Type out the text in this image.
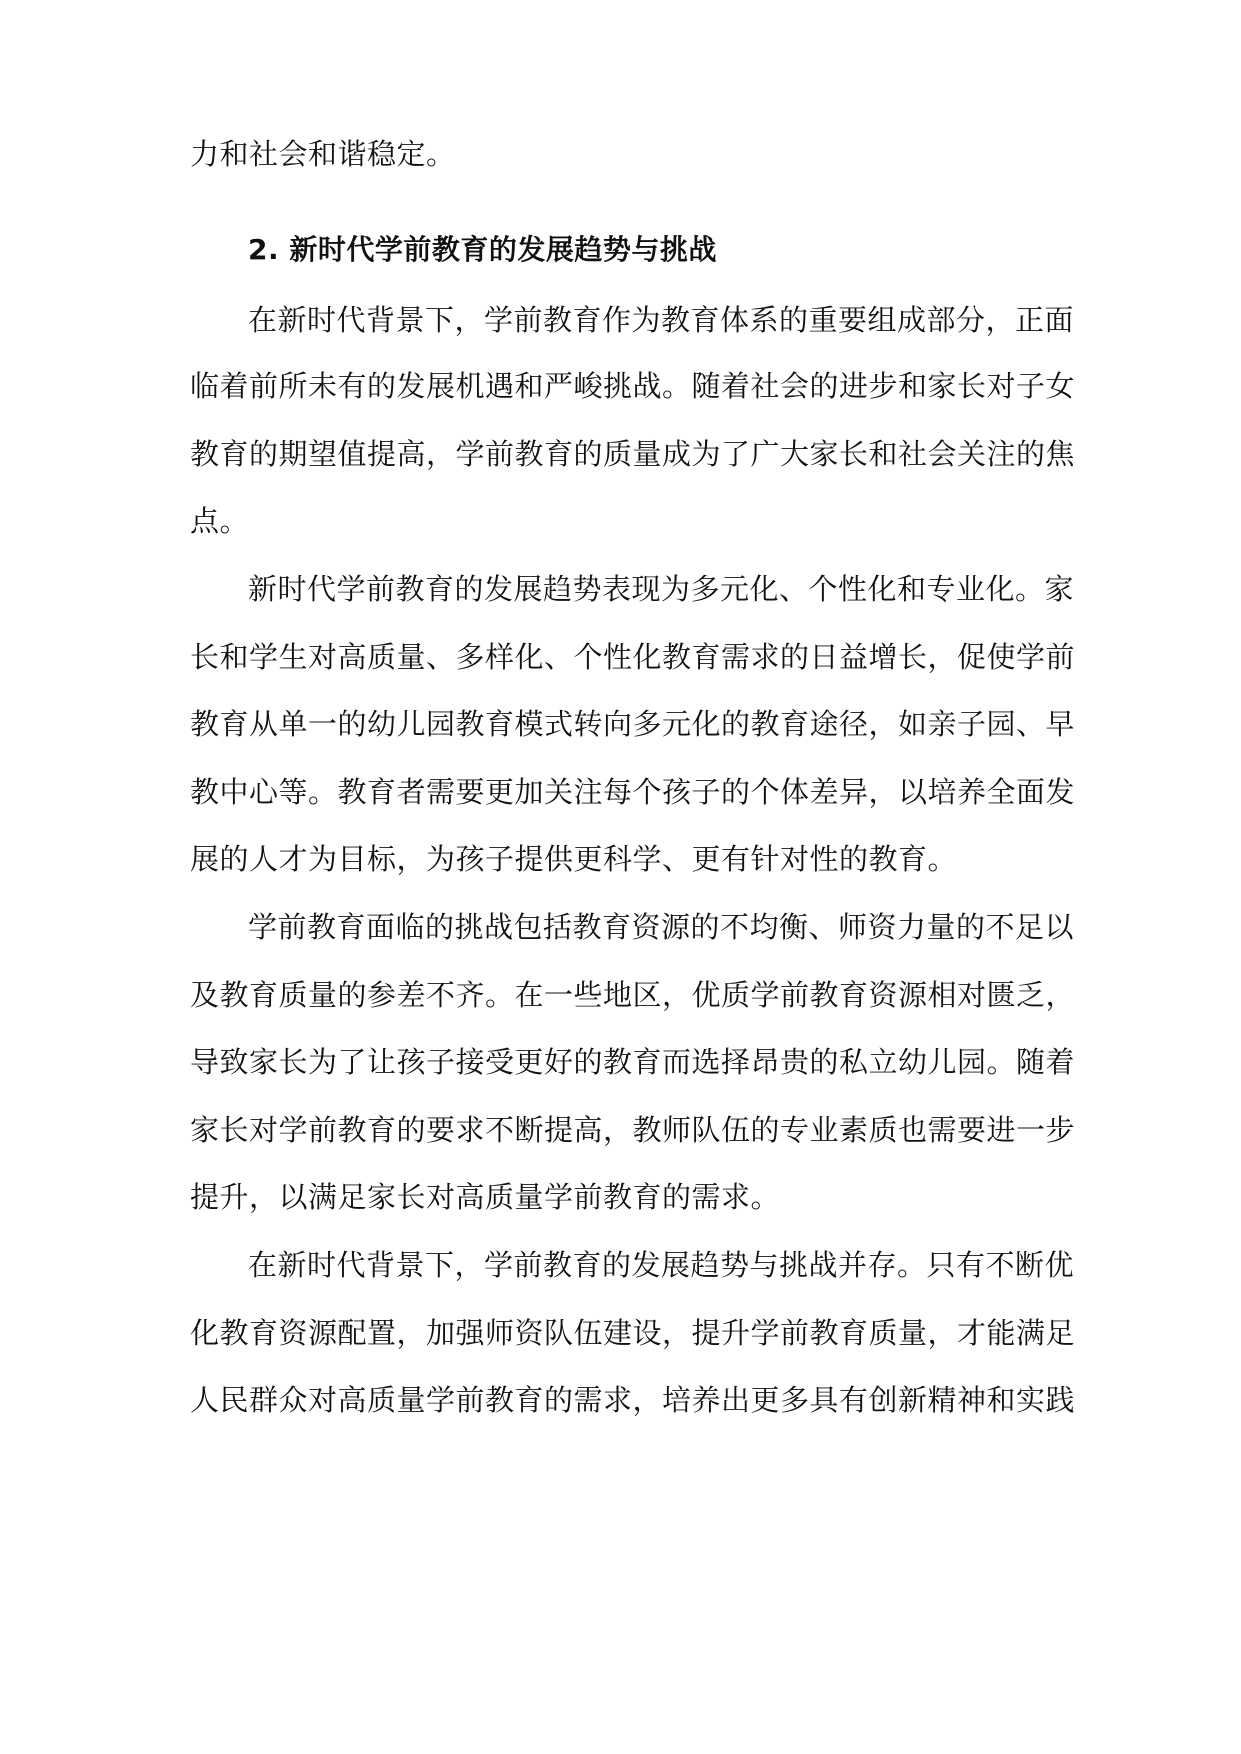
力和社会和谐稳定。
2. 新时代学前教育的发展趋势与挑战
在新时代背景下，学前教育作为教育体系的重要组成部分，正面
临着前所未有的发展机遇和严峻挑战。随着社会的进步和家长对子女
教育的期望值提高，学前教育的质量成为了广大家长和社会关注的焦
点。
新时代学前教育的发展趋势表现为多元化、个性化和专业化。家
长和学生对高质量、多样化、个性化教育需求的日益增长，促使学前
教育从单一的幼儿园教育模式转向多元化的教育途径，如亲子园、早
教中心等。教育者需要更加关注每个孩子的个体差异，以培养全面发
展的人才为目标，为孩子提供更科学、更有针对性的教育。
学前教育面临的挑战包括教育资源的不均衡、师资力量的不足以
及教育质量的参差不齐。在一些地区，优质学前教育资源相对匮乏，
导致家长为了让孩子接受更好的教育而选择昂贵的私立幼儿园。随着
家长对学前教育的要求不断提高，教师队伍的专业素质也需要进一步
提升，以满足家长对高质量学前教育的需求。
在新时代背景下，学前教育的发展趋势与挑战并存。只有不断优
化教育资源配置，加强师资队伍建设，提升学前教育质量，才能满足
人民群众对高质量学前教育的需求，培养出更多具有创新精神和实践
